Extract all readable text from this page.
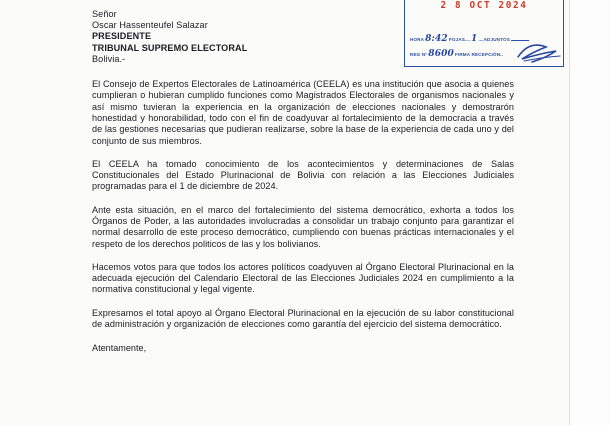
Señor
Oscar Hassenteufel Salazar
PRESIDENTE
TRIBUNAL SUPREMO ELECTORAL
Bolivia.-

El Consejo de Expertos Electorales de Latinoamérica (CEELA) es una institución que asocia a quienes cumplieran o hubieran cumplido funciones como Magistrados Electorales de organismos nacionales y así mismo tuvieran la experiencia en la organización de elecciones nacionales y demostrarón honestidad y honorabilidad, todo con el fin de coadyuvar al fortalecimiento de la democracia a través de las gestiones necesarias que pudieran realizarse, sobre la base de la experiencia de cada uno y del conjunto de sus miembros.

El CEELA ha tomado conocimiento de los acontecimientos y determinaciones de Salas Constitucionales del Estado Plurinacional de Bolivia con relación a las Elecciones Judiciales programadas para el 1 de diciembre de 2024.

Ante esta situación, en el marco del fortalecimiento del sistema democrático, exhorta a todos los Órganos de Poder, a las autoridades involucradas a consolidar un trabajo conjunto para garantizar el normal desarrollo de este proceso democrático, cumpliendo con buenas prácticas internacionales y el respeto de los derechos politicos de las y los bolivianos.

Hacemos votos para que todos los actores políticos coadyuven al Órgano Electoral Plurinacional en la adecuada ejecución del Calendario Electoral de las Elecciones Judiciales 2024 en cumplimiento a la normativa constitucional y legal vigente.

Expresamos el total apoyo al Órgano Electoral Plurinacional en la ejecución de su labor constitucional de administración y organización de elecciones como garantía del ejercicio del sistema democrático.

Atentamente,
2 8 OCT 2024
HORA 8:42 FOJAS .... 1 .... ADJUNTOS
REG N° 8600 FIRMA RECEPCIÓN ..
